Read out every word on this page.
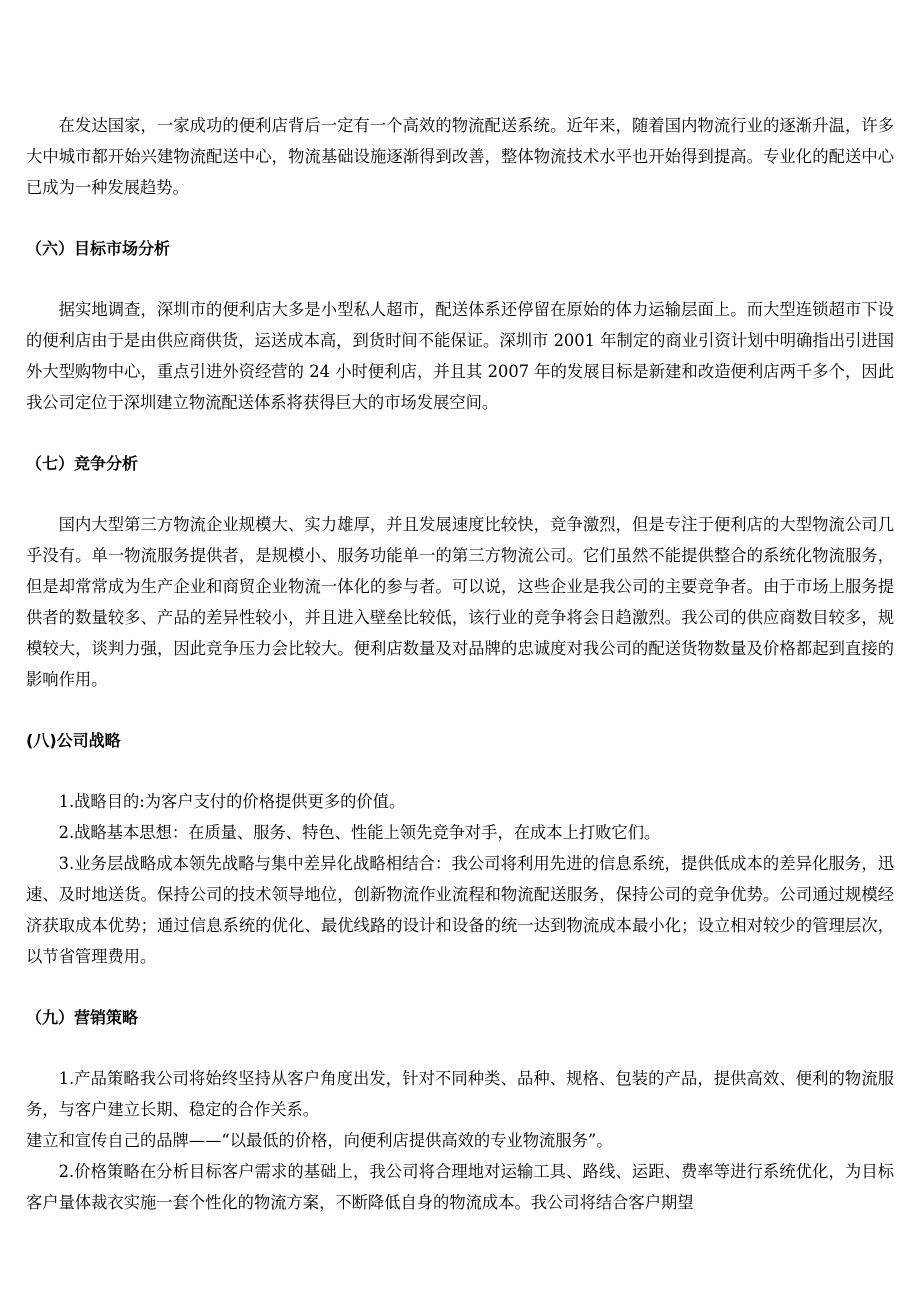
在发达国家，一家成功的便利店背后一定有一个高效的物流配送系统。近年来，随着国内物流行业的逐渐升温，许多大中城市都开始兴建物流配送中心，物流基础设施逐渐得到改善，整体物流技术水平也开始得到提高。专业化的配送中心已成为一种发展趋势。

（六）目标市场分析

据实地调查，深圳市的便利店大多是小型私人超市，配送体系还停留在原始的体力运输层面上。而大型连锁超市下设的便利店由于是由供应商供货，运送成本高，到货时间不能保证。深圳市 2001 年制定的商业引资计划中明确指出引进国外大型购物中心，重点引进外资经营的 24 小时便利店，并且其 2007 年的发展目标是新建和改造便利店两千多个，因此我公司定位于深圳建立物流配送体系将获得巨大的市场发展空间。

（七）竞争分析

国内大型第三方物流企业规模大、实力雄厚，并且发展速度比较快，竞争激烈，但是专注于便利店的大型物流公司几乎没有。单一物流服务提供者，是规模小、服务功能单一的第三方物流公司。它们虽然不能提供整合的系统化物流服务，但是却常常成为生产企业和商贸企业物流一体化的参与者。可以说，这些企业是我公司的主要竞争者。由于市场上服务提供者的数量较多、产品的差异性较小，并且进入壁垒比较低，该行业的竞争将会日趋激烈。我公司的供应商数目较多，规模较大，谈判力强，因此竞争压力会比较大。便利店数量及对品牌的忠诚度对我公司的配送货物数量及价格都起到直接的影响作用。

(八)公司战略

1.战略目的:为客户支付的价格提供更多的价值。

2.战略基本思想：在质量、服务、特色、性能上领先竞争对手，在成本上打败它们。

3.业务层战略成本领先战略与集中差异化战略相结合：我公司将利用先进的信息系统，提供低成本的差异化服务，迅速、及时地送货。保持公司的技术领导地位，创新物流作业流程和物流配送服务，保持公司的竞争优势。公司通过规模经济获取成本优势；通过信息系统的优化、最优线路的设计和设备的统一达到物流成本最小化；设立相对较少的管理层次，以节省管理费用。

（九）营销策略

1.产品策略我公司将始终坚持从客户角度出发，针对不同种类、品种、规格、包装的产品，提供高效、便利的物流服务，与客户建立长期、稳定的合作关系。

建立和宣传自己的品牌——“以最低的价格，向便利店提供高效的专业物流服务”。

2.价格策略在分析目标客户需求的基础上，我公司将合理地对运输工具、路线、运距、费率等进行系统优化，为目标客户量体裁衣实施一套个性化的物流方案，不断降低自身的物流成本。我公司将结合客户期望
